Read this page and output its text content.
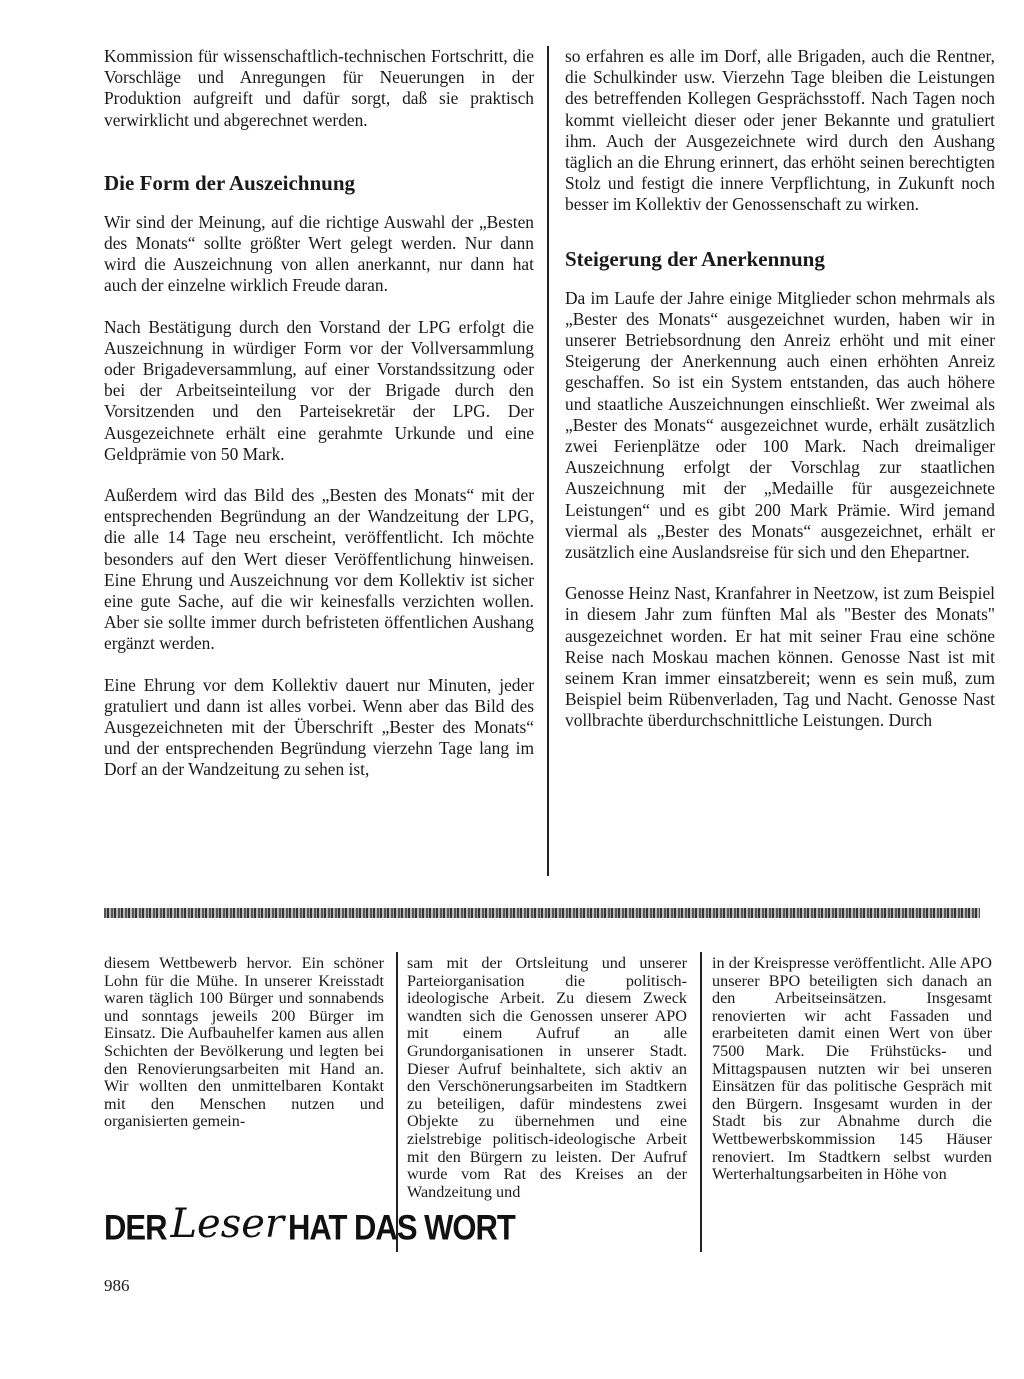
Kommission für wissenschaftlich-technischen Fortschritt, die Vorschläge und Anregungen für Neuerungen in der Produktion aufgreift und dafür sorgt, daß sie praktisch verwirklicht und abgerechnet werden.

Die Form der Auszeichnung

Wir sind der Meinung, auf die richtige Auswahl der „Besten des Monats“ sollte größter Wert gelegt werden. Nur dann wird die Auszeichnung von allen anerkannt, nur dann hat auch der einzelne wirklich Freude daran.

Nach Bestätigung durch den Vorstand der LPG erfolgt die Auszeichnung in würdiger Form vor der Vollversammlung oder Brigadeversammlung, auf einer Vorstandssitzung oder bei der Arbeitseinteilung vor der Brigade durch den Vorsitzenden und den Parteisekretär der LPG. Der Ausgezeichnete erhält eine gerahmte Urkunde und eine Geldprämie von 50 Mark.

Außerdem wird das Bild des „Besten des Monats“ mit der entsprechenden Begründung an der Wandzeitung der LPG, die alle 14 Tage neu erscheint, veröffentlicht. Ich möchte besonders auf den Wert dieser Veröffentlichung hinweisen. Eine Ehrung und Auszeichnung vor dem Kollektiv ist sicher eine gute Sache, auf die wir keinesfalls verzichten wollen. Aber sie sollte immer durch befristeten öffentlichen Aushang ergänzt werden.

Eine Ehrung vor dem Kollektiv dauert nur Minuten, jeder gratuliert und dann ist alles vorbei. Wenn aber das Bild des Ausgezeichneten mit der Überschrift „Bester des Monats“ und der entsprechenden Begründung vierzehn Tage lang im Dorf an der Wandzeitung zu sehen ist,

so erfahren es alle im Dorf, alle Brigaden, auch die Rentner, die Schulkinder usw. Vierzehn Tage bleiben die Leistungen des betreffenden Kollegen Gesprächsstoff. Nach Tagen noch kommt vielleicht dieser oder jener Bekannte und gratuliert ihm. Auch der Ausgezeichnete wird durch den Aushang täglich an die Ehrung erinnert, das erhöht seinen berechtigten Stolz und festigt die innere Verpflichtung, in Zukunft noch besser im Kollektiv der Genossenschaft zu wirken.

Steigerung der Anerkennung

Da im Laufe der Jahre einige Mitglieder schon mehrmals als „Bester des Monats“ ausgezeichnet wurden, haben wir in unserer Betriebsordnung den Anreiz erhöht und mit einer Steigerung der Anerkennung auch einen erhöhten Anreiz geschaffen. So ist ein System entstanden, das auch höhere und staatliche Auszeichnungen einschließt. Wer zweimal als „Bester des Monats“ ausgezeichnet wurde, erhält zusätzlich zwei Ferienplätze oder 100 Mark. Nach dreimaliger Auszeichnung erfolgt der Vorschlag zur staatlichen Auszeichnung mit der „Medaille für ausgezeichnete Leistungen“ und es gibt 200 Mark Prämie. Wird jemand viermal als „Bester des Monats“ ausgezeichnet, erhält er zusätzlich eine Auslandsreise für sich und den Ehepartner.

Genosse Heinz Nast, Kranfahrer in Neetzow, ist zum Beispiel in diesem Jahr zum fünften Mal als "Bester des Monats" ausgezeichnet worden. Er hat mit seiner Frau eine schöne Reise nach Moskau machen können. Genosse Nast ist mit seinem Kran immer einsatzbereit; wenn es sein muß, zum Beispiel beim Rübenverladen, Tag und Nacht. Genosse Nast vollbrachte überdurchschnittliche Leistungen. Durch

diesem Wettbewerb hervor. Ein schöner Lohn für die Mühe. In unserer Kreisstadt waren täglich 100 Bürger und sonnabends und sonntags jeweils 200 Bürger im Einsatz. Die Aufbauhelfer kamen aus allen Schichten der Bevölkerung und legten bei den Renovierungsarbeiten mit Hand an. Wir wollten den unmittelbaren Kontakt mit den Menschen nutzen und organisierten gemein-

sam mit der Ortsleitung und unserer Parteiorganisation die politisch-ideologische Arbeit. Zu diesem Zweck wandten sich die Genossen unserer APO mit einem Aufruf an alle Grundorganisationen in unserer Stadt. Dieser Aufruf beinhaltete, sich aktiv an den Verschönerungsarbeiten im Stadtkern zu beteiligen, dafür mindestens zwei Objekte zu übernehmen und eine zielstrebige politisch-ideologische Arbeit mit den Bürgern zu leisten. Der Aufruf wurde vom Rat des Kreises an der Wandzeitung und

in der Kreispresse veröffentlicht. Alle APO unserer BPO beteiligten sich danach an den Arbeitseinsätzen. Insgesamt renovierten wir acht Fassaden und erarbeiteten damit einen Wert von über 7500 Mark. Die Frühstücks- und Mittagspausen nutzten wir bei unseren Einsätzen für das politische Gespräch mit den Bürgern. Insgesamt wurden in der Stadt bis zur Abnahme durch die Wettbewerbskommission 145 Häuser renoviert. Im Stadtkern selbst wurden Werterhaltungsarbeiten in Höhe von

DER Leser HAT DAS WORT
986
